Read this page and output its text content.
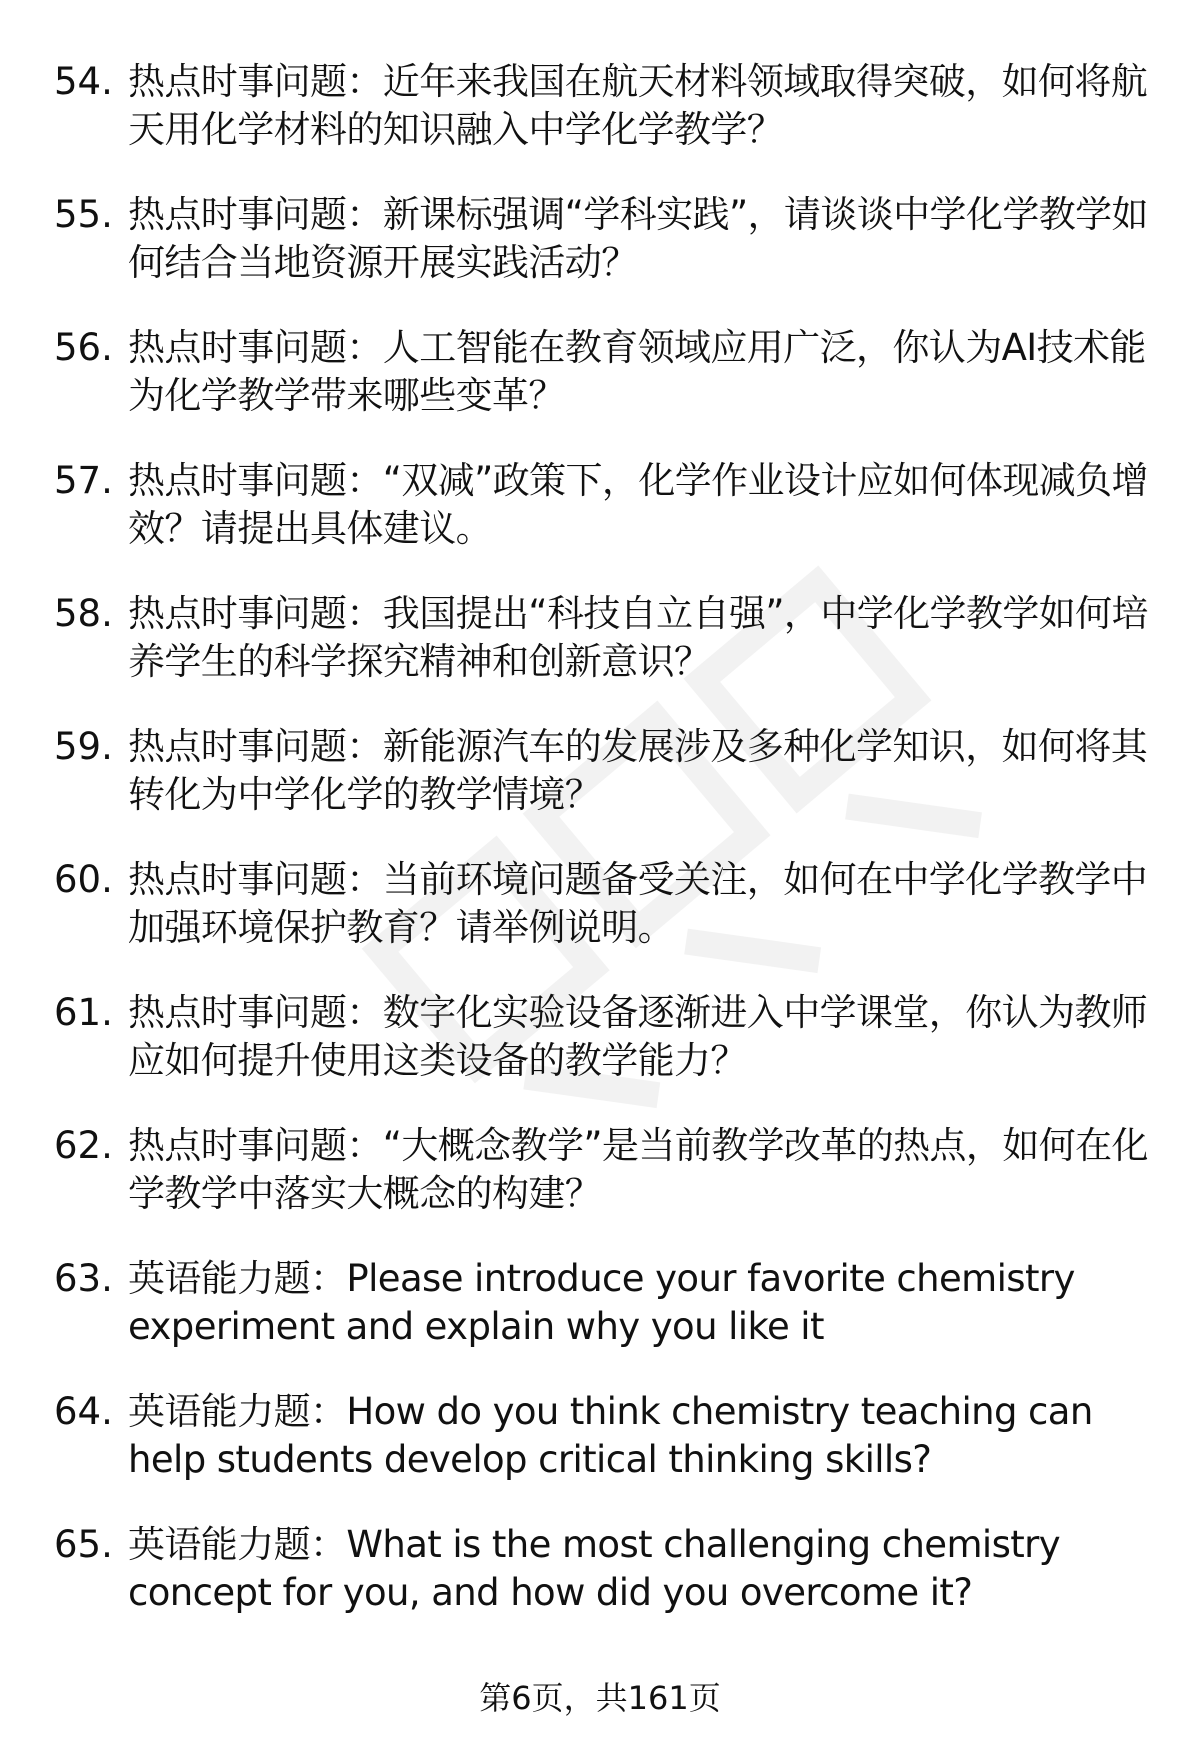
54. 热点时事问题：近年来我国在航天材料领域取得突破，如何将航天用化学材料的知识融入中学化学教学？
55. 热点时事问题：新课标强调“学科实践”，请谈谈中学化学教学如何结合当地资源开展实践活动？
56. 热点时事问题：人工智能在教育领域应用广泛，你认为AI技术能为化学教学带来哪些变革？
57. 热点时事问题：“双减”政策下，化学作业设计应如何体现减负增效？请提出具体建议。
58. 热点时事问题：我国提出“科技自立自强”，中学化学教学如何培养学生的科学探究精神和创新意识？
59. 热点时事问题：新能源汽车的发展涉及多种化学知识，如何将其转化为中学化学的教学情境？
60. 热点时事问题：当前环境问题备受关注，如何在中学化学教学中加强环境保护教育？请举例说明。
61. 热点时事问题：数字化实验设备逐渐进入中学课堂，你认为教师应如何提升使用这类设备的教学能力？
62. 热点时事问题：“大概念教学”是当前教学改革的热点，如何在化学教学中落实大概念的构建？
63. 英语能力题：Please introduce your favorite chemistry experiment and explain why you like it
64. 英语能力题：How do you think chemistry teaching can help students develop critical thinking skills?
65. 英语能力题：What is the most challenging chemistry concept for you, and how did you overcome it?
第6页，共161页
